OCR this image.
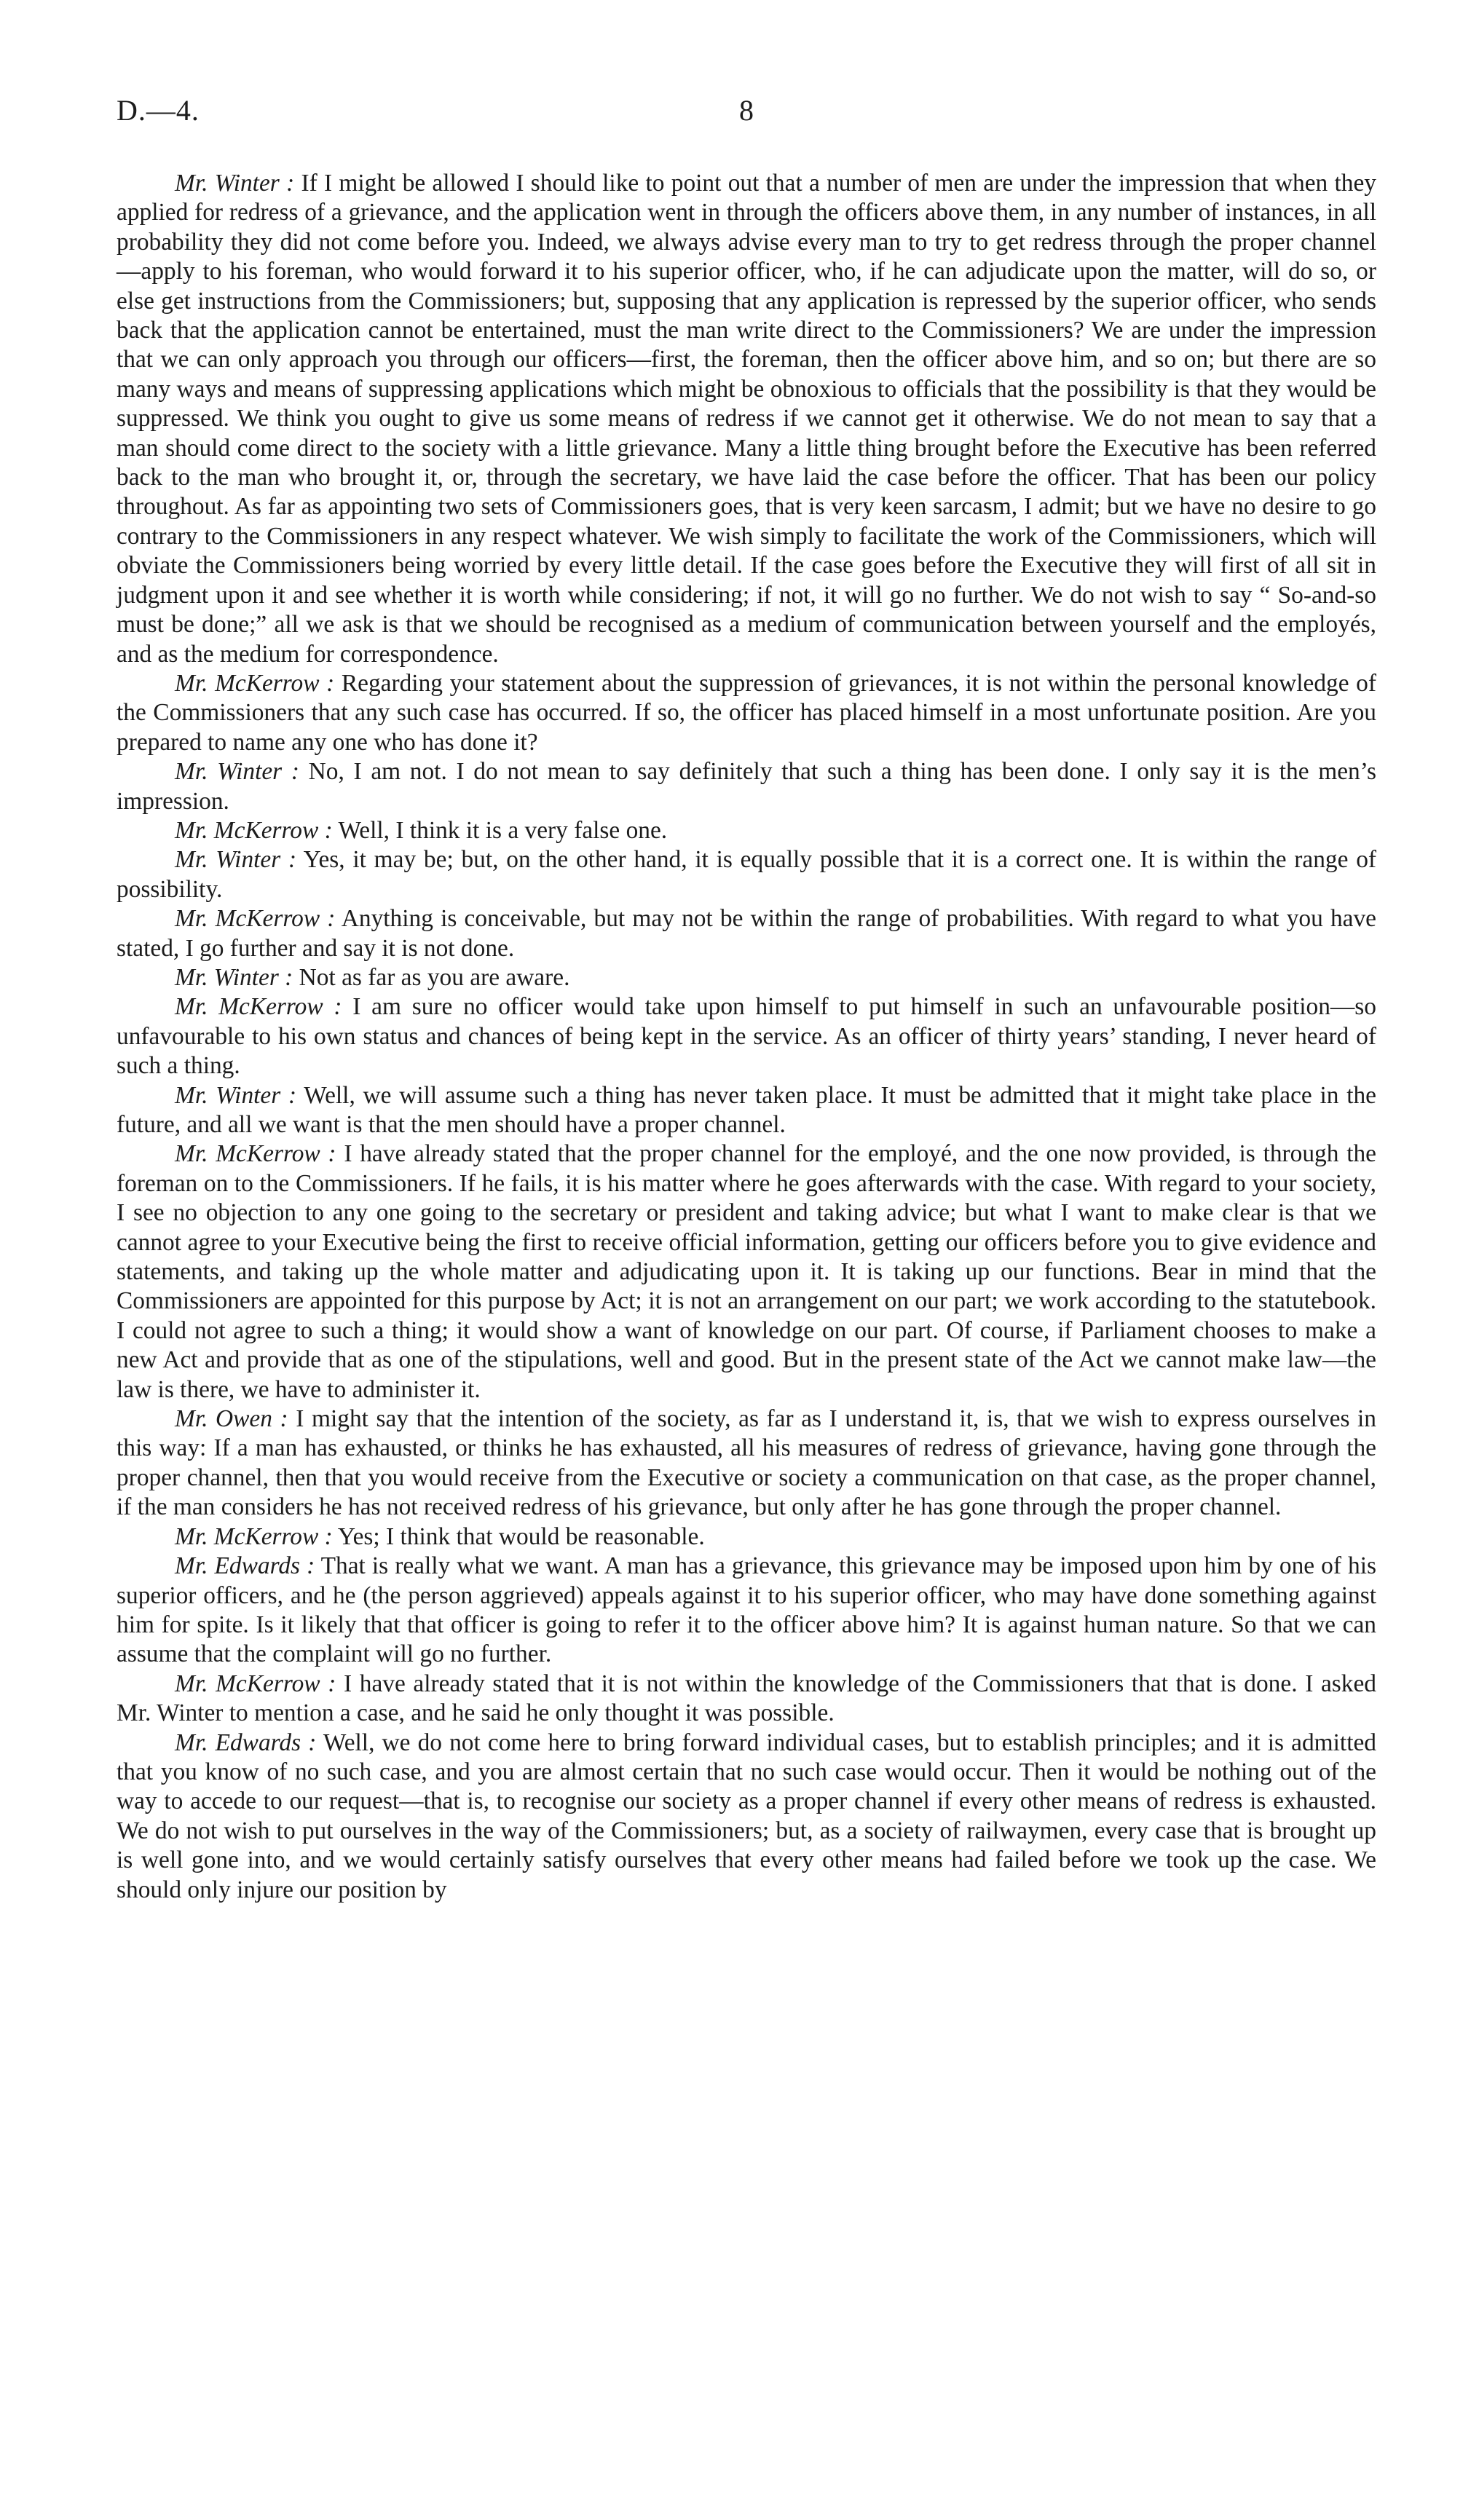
D.—4.	8

Mr. Winter : If I might be allowed I should like to point out that a number of men are under the impression that when they applied for redress of a grievance, and the application went in through the officers above them, in any number of instances, in all probability they did not come before you. Indeed, we always advise every man to try to get redress through the proper channel —apply to his foreman, who would forward it to his superior officer, who, if he can adjudicate upon the matter, will do so, or else get instructions from the Commissioners; but, supposing that any application is repressed by the superior officer, who sends back that the application cannot be entertained, must the man write direct to the Commissioners? We are under the impression that we can only approach you through our officers—first, the foreman, then the officer above him, and so on; but there are so many ways and means of suppressing applications which might be obnoxious to officials that the possibility is that they would be suppressed. We think you ought to give us some means of redress if we cannot get it otherwise. We do not mean to say that a man should come direct to the society with a little grievance. Many a little thing brought before the Executive has been referred back to the man who brought it, or, through the secretary, we have laid the case before the officer. That has been our policy throughout. As far as appointing two sets of Commissioners goes, that is very keen sarcasm, I admit; but we have no desire to go contrary to the Commissioners in any respect whatever. We wish simply to facilitate the work of the Commissioners, which will obviate the Commissioners being worried by every little detail. If the case goes before the Executive they will first of all sit in judgment upon it and see whether it is worth while considering; if not, it will go no further. We do not wish to say “ So-and-so must be done;” all we ask is that we should be recognised as a medium of communication between yourself and the employés, and as the medium for correspondence.

Mr. McKerrow : Regarding your statement about the suppression of grievances, it is not within the personal knowledge of the Commissioners that any such case has occurred. If so, the officer has placed himself in a most unfortunate position. Are you prepared to name any one who has done it?

Mr. Winter : No, I am not. I do not mean to say definitely that such a thing has been done. I only say it is the men’s impression.

Mr. McKerrow : Well, I think it is a very false one.

Mr. Winter : Yes, it may be; but, on the other hand, it is equally possible that it is a correct one. It is within the range of possibility.

Mr. McKerrow : Anything is conceivable, but may not be within the range of probabilities. With regard to what you have stated, I go further and say it is not done.

Mr. Winter : Not as far as you are aware.

Mr. McKerrow : I am sure no officer would take upon himself to put himself in such an unfavourable position—so unfavourable to his own status and chances of being kept in the service. As an officer of thirty years’ standing, I never heard of such a thing.

Mr. Winter : Well, we will assume such a thing has never taken place. It must be admitted that it might take place in the future, and all we want is that the men should have a proper channel.

Mr. McKerrow : I have already stated that the proper channel for the employé, and the one now provided, is through the foreman on to the Commissioners. If he fails, it is his matter where he goes afterwards with the case. With regard to your society, I see no objection to any one going to the secretary or president and taking advice; but what I want to make clear is that we cannot agree to your Executive being the first to receive official information, getting our officers before you to give evidence and statements, and taking up the whole matter and adjudicating upon it. It is taking up our functions. Bear in mind that the Commissioners are appointed for this purpose by Act; it is not an arrangement on our part; we work according to the statutebook. I could not agree to such a thing; it would show a want of knowledge on our part. Of course, if Parliament chooses to make a new Act and provide that as one of the stipulations, well and good. But in the present state of the Act we cannot make law—the law is there, we have to administer it.

Mr. Owen : I might say that the intention of the society, as far as I understand it, is, that we wish to express ourselves in this way: If a man has exhausted, or thinks he has exhausted, all his measures of redress of grievance, having gone through the proper channel, then that you would receive from the Executive or society a communication on that case, as the proper channel, if the man considers he has not received redress of his grievance, but only after he has gone through the proper channel.

Mr. McKerrow : Yes; I think that would be reasonable.

Mr. Edwards : That is really what we want. A man has a grievance, this grievance may be imposed upon him by one of his superior officers, and he (the person aggrieved) appeals against it to his superior officer, who may have done something against him for spite. Is it likely that that officer is going to refer it to the officer above him? It is against human nature. So that we can assume that the complaint will go no further.

Mr. McKerrow : I have already stated that it is not within the knowledge of the Commissioners that that is done. I asked Mr. Winter to mention a case, and he said he only thought it was possible.

Mr. Edwards : Well, we do not come here to bring forward individual cases, but to establish principles; and it is admitted that you know of no such case, and you are almost certain that no such case would occur. Then it would be nothing out of the way to accede to our request—that is, to recognise our society as a proper channel if every other means of redress is exhausted. We do not wish to put ourselves in the way of the Commissioners; but, as a society of railwaymen, every case that is brought up is well gone into, and we would certainly satisfy ourselves that every other means had failed before we took up the case. We should only injure our position by
